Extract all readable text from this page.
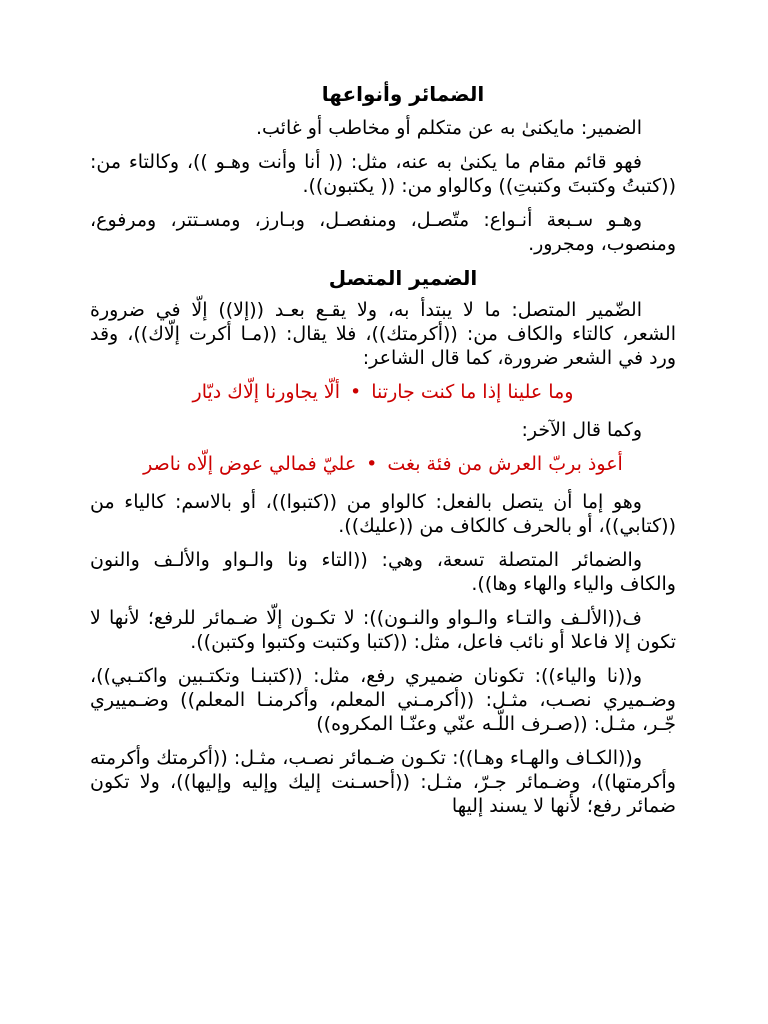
الضمائر وأنواعها

الضمير: مايكنىٰ به عن متكلم أو مخاطب أو غائب.

فهو قائم مقام ما يكنىٰ به عنه، مثل: (( أنا وأنت وهـو ))، وكالتاء من: ((كتبتُ وكتبتَ وكتبتِ)) وكالواو من: (( يكتبون)).

وهـو سـبعة أنـواع: متّصـل، ومنفصـل، وبـارز، ومسـتتر، ومرفوع، ومنصوب، ومجرور.

الضمير المتصل

الضّمير المتصل: ما لا يبتدأ به، ولا يقـع بعـد ((إلا)) إلّا في ضرورة الشعر، كالتاء والكاف من: ((أكرمتك))، فلا يقال: ((مـا أكرت إلّاك))، وقد ورد في الشعر ضرورة، كما قال الشاعر:

وما علينا إذا ما كنت جارتنا•ألّا يجاورنا إلّاك ديّار

وكما قال الآخر:

أعوذ بربّ العرش من فئة بغت•عليّ فمالي عوض إلّاه ناصر

وهو إما أن يتصل بالفعل: كالواو من ((كتبوا))، أو بالاسم: كالياء من ((كتابي))، أو بالحرف كالكاف من ((عليك)).

والضمائر المتصلة تسعة، وهي: ((التاء ونا والـواو والألـف والنون والكاف والياء والهاء وها)).

ف((الألـف والتـاء والـواو والنـون)): لا تكـون إلّا ضـمائر للرفع؛ لأنها لا تكون إلا فاعلا أو نائب فاعل، مثل: ((كتبا وكتبت وكتبوا وكتبن)).

و((نا والياء)): تكونان ضميري رفع، مثل: ((كتبنـا وتكتـبين واكتـبي))، وضـميري نصـب، مثـل: ((أكرمـني المعلم، وأكرمنـا المعلم)) وضـمييري جّـر، مثـل: ((صـرف اللّـه عنّي وعنّـا المكروه))

و((الكـاف والهـاء وهـا)): تكـون ضـمائر نصـب، مثـل: ((أكرمتك وأكرمته وأكرمتها))، وضـمائر جـرّ، مثـل: ((أحسـنت إليك وإليه وإليها))، ولا تكون ضمائر رفع؛ لأنها لا يسند إليها
